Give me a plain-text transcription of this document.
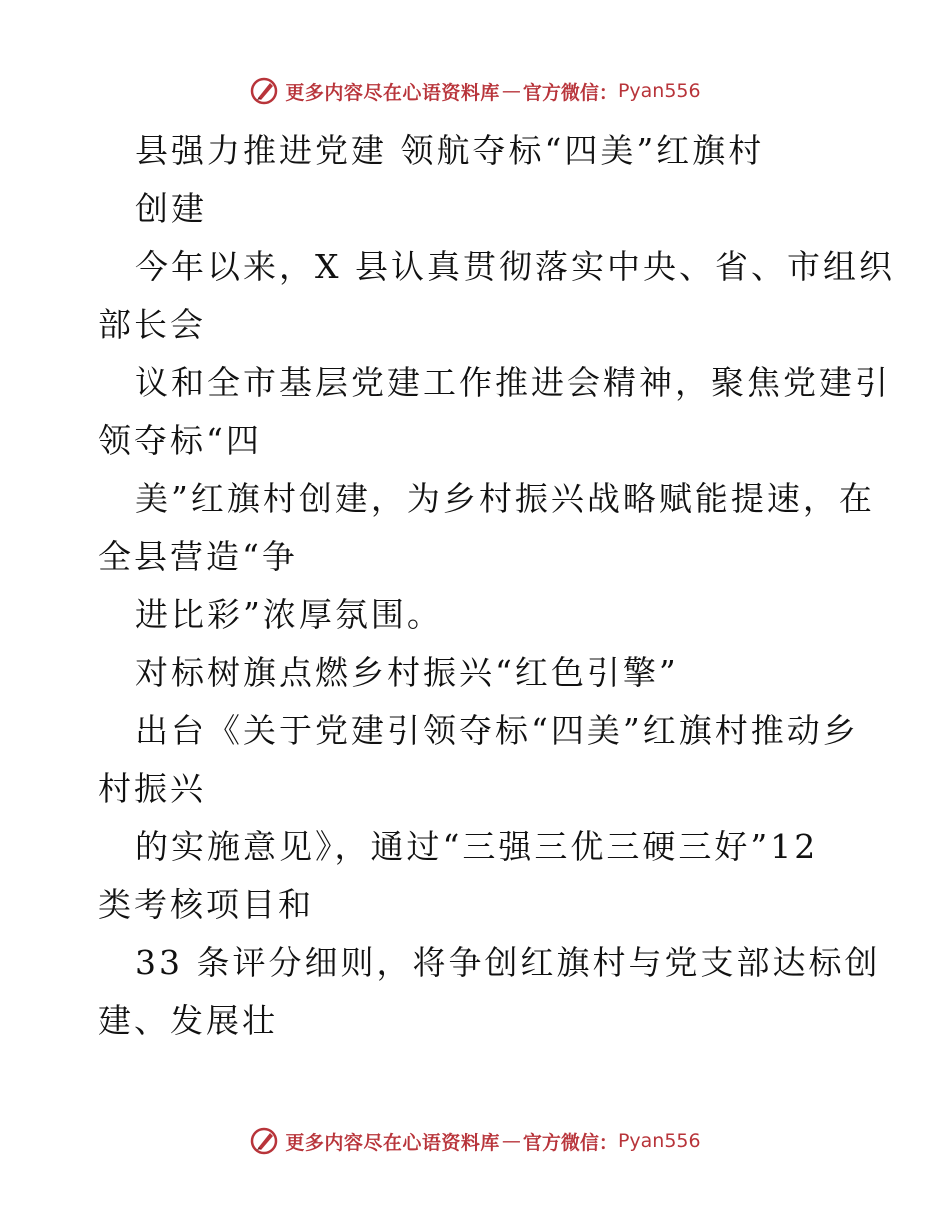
更多内容尽在心语资料库 — 官方微信： Pyan556
县强力推进党建 领航夺标“四美”红旗村
创建
今年以来，X 县认真贯彻落实中央、省、市组织
部长会
议和全市基层党建工作推进会精神，聚焦党建引
领夺标“四
美”红旗村创建，为乡村振兴战略赋能提速，在
全县营造“争
进比彩”浓厚氛围。
对标树旗点燃乡村振兴“红色引擎”
出台《关于党建引领夺标“四美”红旗村推动乡
村振兴
的实施意见》，通过“三强三优三硬三好”12
类考核项目和
33 条评分细则，将争创红旗村与党支部达标创
建、发展壮
更多内容尽在心语资料库 — 官方微信： Pyan556
